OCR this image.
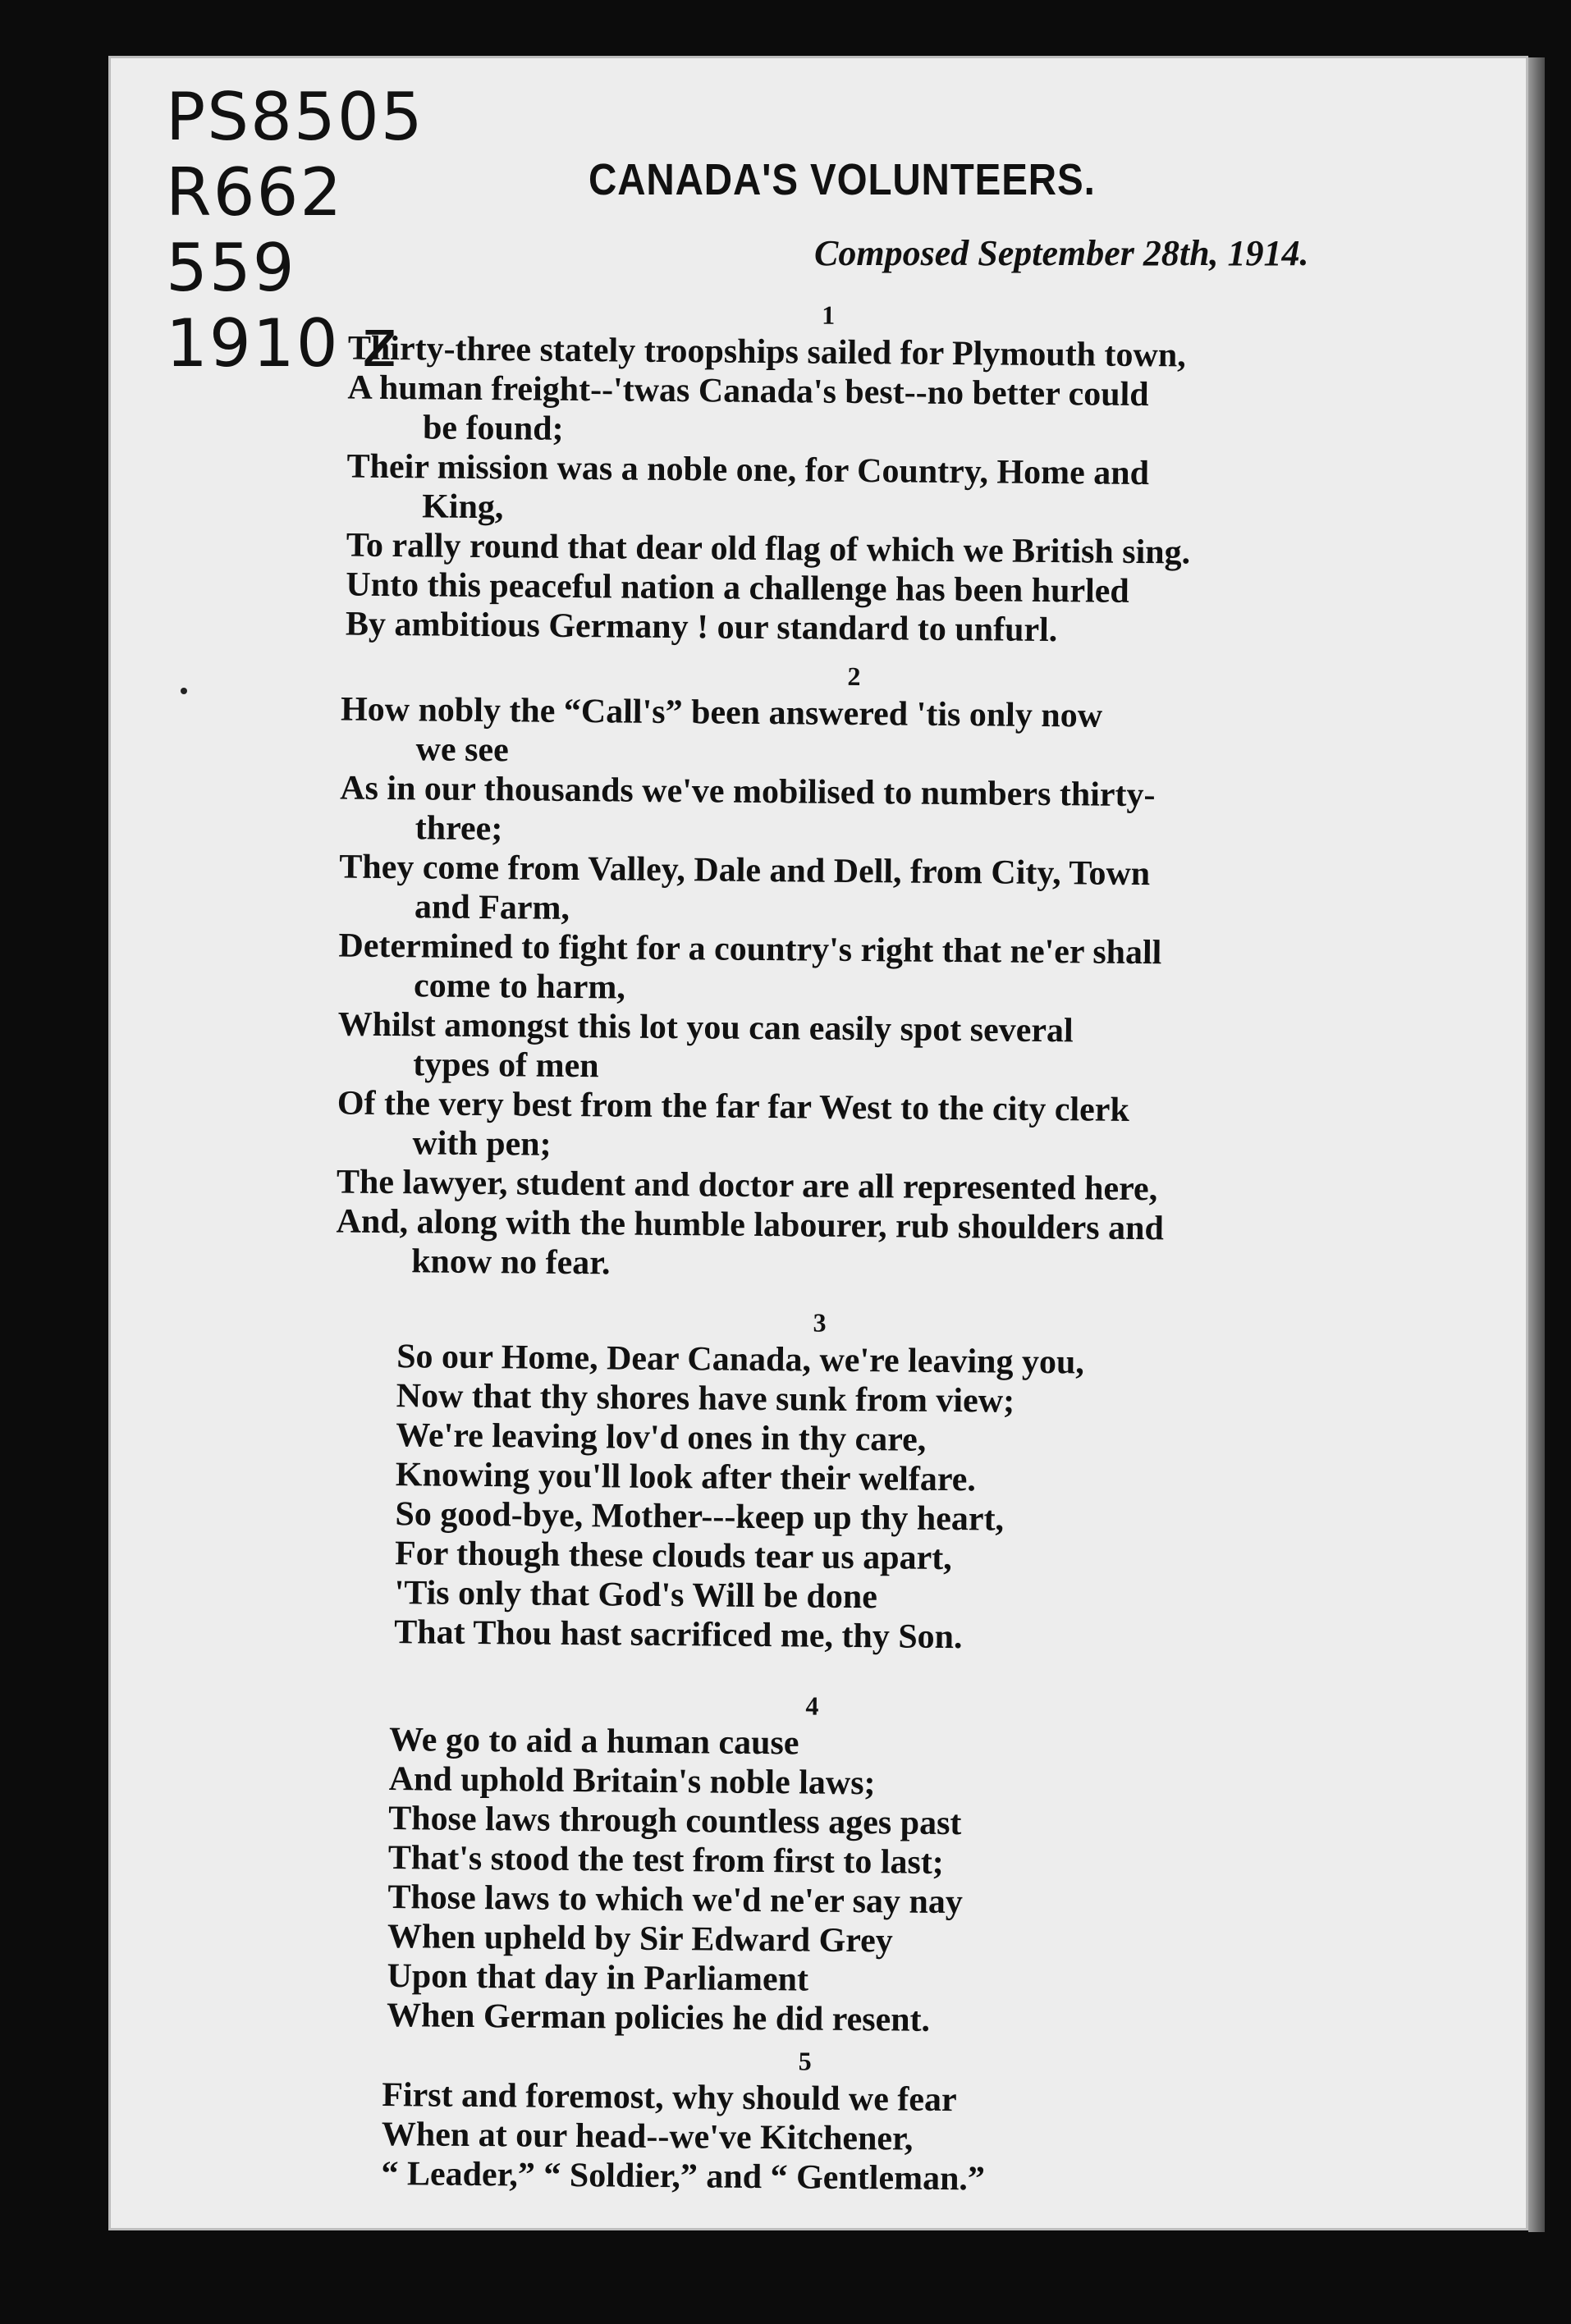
PS8505
R662
559
1910 z
CANADA'S VOLUNTEERS.
Composed September 28th, 1914.
1
Thirty-three stately troopships sailed for Plymouth town,
A human freight--'twas Canada's best--no better could
be found;
Their mission was a noble one, for Country, Home and
King,
To rally round that dear old flag of which we British sing.
Unto this peaceful nation a challenge has been hurled
By ambitious Germany ! our standard to unfurl.
2
How nobly the “Call's” been answered 'tis only now
we see
As in our thousands we've mobilised to numbers thirty-
three;
They come from Valley, Dale and Dell, from City, Town
and Farm,
Determined to fight for a country's right that ne'er shall
come to harm,
Whilst amongst this lot you can easily spot several
types of men
Of the very best from the far far West to the city clerk
with pen;
The lawyer, student and doctor are all represented here,
And, along with the humble labourer, rub shoulders and
know no fear.
3
So our Home, Dear Canada, we're leaving you,
Now that thy shores have sunk from view;
We're leaving lov'd ones in thy care,
Knowing you'll look after their welfare.
So good-bye, Mother---keep up thy heart,
For though these clouds tear us apart,
'Tis only that God's Will be done
That Thou hast sacrificed me, thy Son.
4
We go to aid a human cause
And uphold Britain's noble laws;
Those laws through countless ages past
That's stood the test from first to last;
Those laws to which we'd ne'er say nay
When upheld by Sir Edward Grey
Upon that day in Parliament
When German policies he did resent.
5
First and foremost, why should we fear
When at our head--we've Kitchener,
“ Leader,” “ Soldier,” and “ Gentleman.”
